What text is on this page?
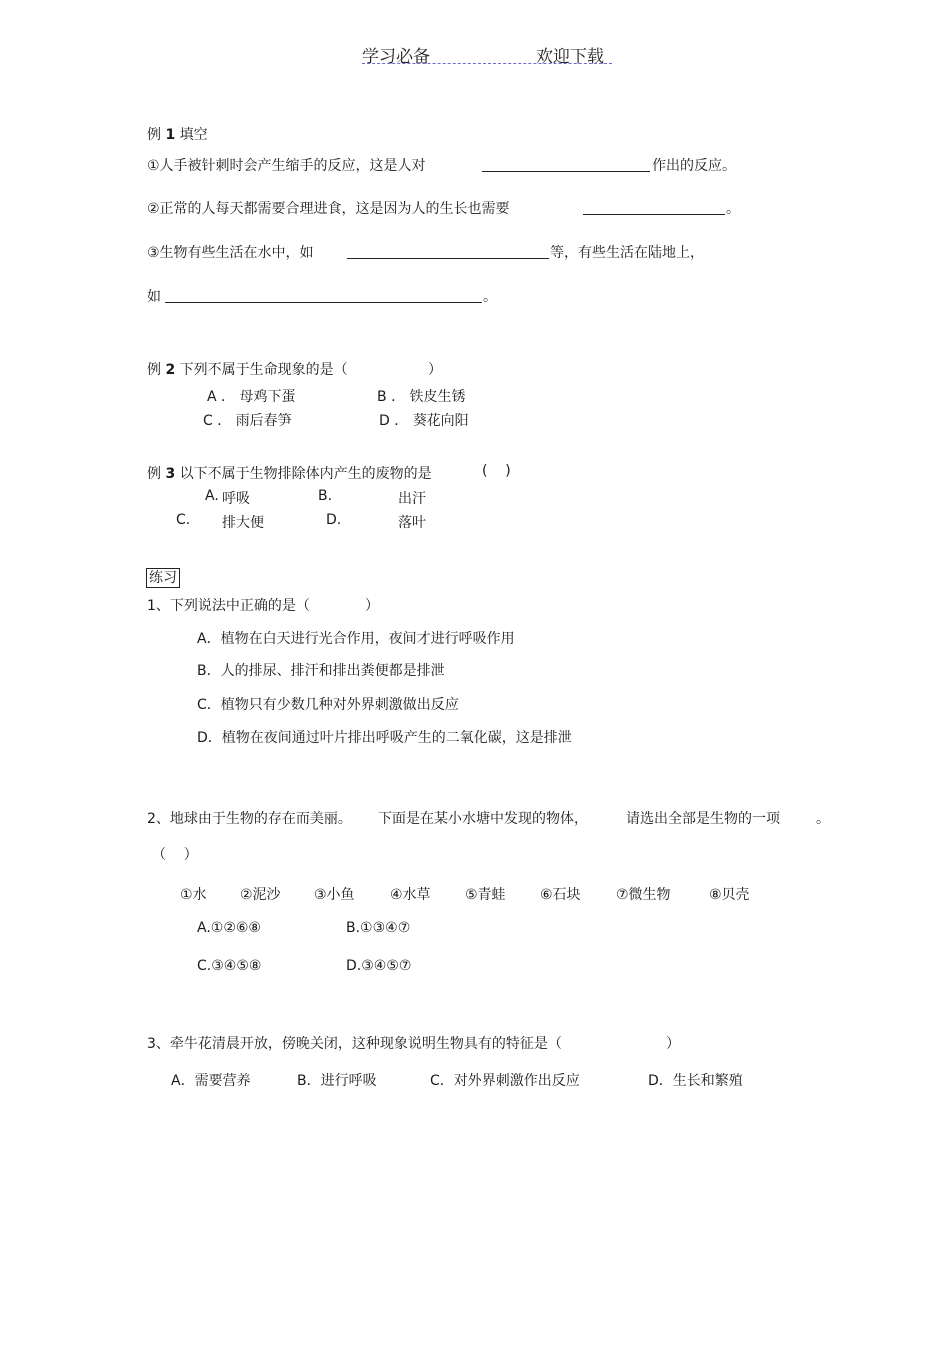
学习必备	欢迎下载
例 1 填空
①人手被针刺时会产生缩手的反应，这是人对	作出的反应。
②正常的人每天都需要合理进食，这是因为人的生长也需要	。
③生物有些生活在水中，如	等，有些生活在陆地上，
如	。
例 2 下列不属于生命现象的是（	）
A ． 母鸡下蛋	B ． 铁皮生锈
C ． 雨后春笋	D ． 葵花向阳
例 3 以下不属于生物排除体内产生的废物的是	(    )
A. 呼吸	B.	出汗
C. 排大便	D.	落叶
练习
1、下列说法中正确的是（	）
A．植物在白天进行光合作用，夜间才进行呼吸作用
B．人的排尿、排汗和排出粪便都是排泄
C．植物只有少数几种对外界刺激做出反应
D．植物在夜间通过叶片排出呼吸产生的二氧化碳，这是排泄
2、地球由于生物的存在而美丽。 下面是在某小水塘中发现的物体，	请选出全部是生物的一项	。
（    ）
①水 ②泥沙 ③小鱼	④水草 ⑤青蛙 ⑥石块	⑦微生物	⑧贝壳
A.①②⑥⑧	B.①③④⑦
C.③④⑤⑧	D.③④⑤⑦
3、牵牛花清晨开放，傍晚关闭，这种现象说明生物具有的特征是（	）
A．需要营养	B．进行呼吸	C．对外界刺激作出反应	D．生长和繁殖
